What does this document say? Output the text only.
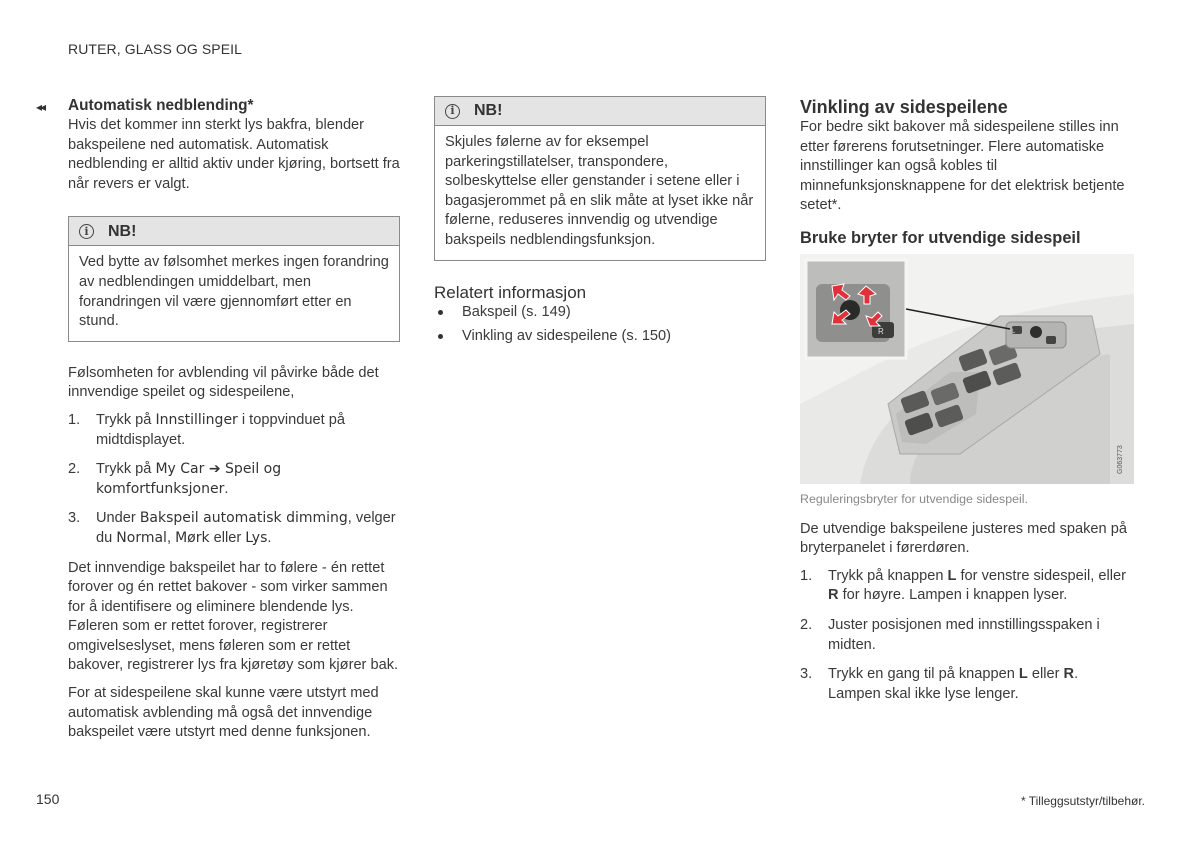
RUTER, GLASS OG SPEIL
◂◂ Automatisk nedblending*

Hvis det kommer inn sterkt lys bakfra, blender bakspeilene ned automatisk. Automatisk nedblending er alltid aktiv under kjøring, bortsett fra når revers er valgt.

i	NB!
Ved bytte av følsomhet merkes ingen forandring av nedblendingen umiddelbart, men forandringen vil være gjennomført etter en stund.

Følsomheten for avblending vil påvirke både det innvendige speilet og sidespeilene,

1. Trykk på Innstillinger i toppvinduet på midtdisplayet.
2. Trykk på My Car ➔ Speil og komfortfunksjoner.
3. Under Bakspeil automatisk dimming, velger du Normal, Mørk eller Lys.

Det innvendige bakspeilet har to følere - én rettet forover og én rettet bakover - som virker sammen for å identifisere og eliminere blendende lys. Føleren som er rettet forover, registrerer omgivelseslyset, mens føleren som er rettet bakover, registrerer lys fra kjøretøy som kjører bak.

For at sidespeilene skal kunne være utstyrt med automatisk avblending må også det innvendige bakspeilet være utstyrt med denne funksjonen.

i	NB!
Skjules følerne av for eksempel parkeringstillatelser, transpondere, solbeskyttelse eller genstander i setene eller i bagasjerommet på en slik måte at lyset ikke når følerne, reduseres innvendig og utvendige bakspeils nedblendingsfunksjon.
Relatert informasjon
Bakspeil (s. 149)
Vinkling av sidespeilene (s. 150)
Vinkling av sidespeilene

For bedre sikt bakover må sidespeilene stilles inn etter førerens forutsetninger. Flere automatiske innstillinger kan også kobles til minnefunksjonsknappene for det elektrisk betjente setet*.

Bruke bryter for utvendige sidespeil
R	L
G063773
Reguleringsbryter for utvendige sidespeil.

De utvendige bakspeilene justeres med spaken på bryterpanelet i førerdøren.

1. Trykk på knappen L for venstre sidespeil, eller R for høyre. Lampen i knappen lyser.
2. Juster posisjonen med innstillingsspaken i midten.
3. Trykk en gang til på knappen L eller R. Lampen skal ikke lyse lenger.
150	* Tilleggsutstyr/tilbehør.
